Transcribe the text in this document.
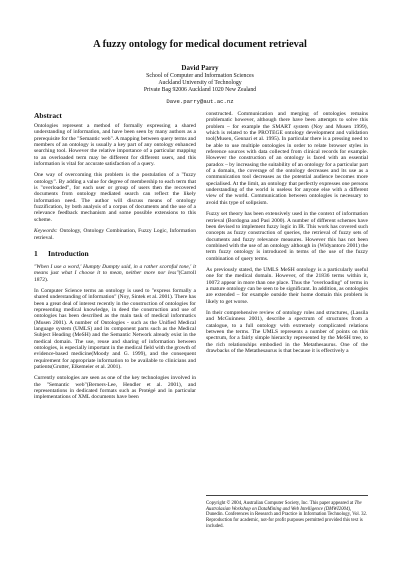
A fuzzy ontology for medical document retrieval
David Parry
School of Computer and Information Sciences
Auckland University of Technology
Private Bag 92006 Auckland 1020 New Zealand
Dave.parry@aut.ac.nz
Abstract

Ontologies represent a method of formally expressing a shared understanding of information, and have been seen by many authors as a prerequisite for the "Semantic web". A mapping between query terms and members of an ontology is usually a key part of any ontology enhanced searching tool. However the relative importance of a particular mapping to an overloaded term may be different for different users, and this information is vital for accurate satisfaction of a query.

One way of overcoming this problem is the postulation of a "fuzzy ontology". By adding a value for degree of membership to each term that is "overloaded", for each user or group of users then the recovered documents from ontology mediated search can reflect the likely information need. The author will discuss means of ontology fuzzification, by both analysis of a corpus of documents and the use of a relevance feedback mechanism and some possible extensions to this scheme.

Keywords: Ontology, Ontology Combination, Fuzzy Logic, Information retrieval.

1 Introduction

"When I use a word,' Humpty Dumpty said, in a rather scornful tone,' it means just what I choose it to mean, neither more nor less"(Carroll 1872).

In Computer Science terms an ontology is used to "express formally a shared understanding of information" (Noy, Sintek et al. 2001). There has been a great deal of interest recently in the construction of ontologies for representing medical knowledge, in deed the construction and use of ontologies has been described as the main task of medical informatics (Musen 2001). A number of Ontologies - such as the Unified Medical language system (UMLS) and its component parts such as the Medical Subject Heading (MeSH) and the Semantic Network already exist in the medical domain. The use, reuse and sharing of information between ontologies, is especially important in the medical field with the growth of evidence-based medicine(Moody and G. 1999), and the consequent requirement for appropriate information to be available to clinicians and patients(Grutter, Eikemeier et al. 2001).

Currently ontologies are seen as one of the key technologies involved in the "Semantic web"(Berners-Lee, Hendler et al. 2001), and representations in dedicated formats such as Protégé and in particular implementations of XML documents have been

constructed. Communication and merging of ontologies remains problematic however, although there have been attempts to solve this problem – for example the SMART system (Noy and Musen 1999), which is related to the PROTEGE ontology development and validation tool(Musen, Gennari et al. 1995). In particular there is a pressing need to be able to use multiple ontologies in order to relate browser styles in reference sources with data collected from clinical records for example. However the construction of an ontology is faced with an essential paradox – by increasing the suitability of an ontology for a particular part of a domain, the coverage of the ontology decreases and its use as a communication tool decreases as the potential audience becomes more specialised. At the limit, an ontology that perfectly expresses one persons understanding of the world is useless for anyone else with a different view of the world. Communication between ontologies is necessary to avoid this type of solipsism.

Fuzzy set theory has been extensively used in the context of information retrieval (Bordogna and Pasi 2000). A number of different schemes have been devised to implement fuzzy logic in IR. This work has covered such concepts as fuzzy construction of queries, the retrieval of fuzzy sets of documents and fuzzy relevance measures. However this has not been combined with the use of an ontology although in (Widyantoro 2001) the term fuzzy ontology is introduced in terms of the use of the fuzzy combination of query terms.

As previously stated, the UMLS MeSH ontology is a particularly useful one for the medical domain. However, of the 21836 terms within it, 10072 appear in more than one place. Thus the "overloading" of terms in a mature ontology can be seen to be significant. In addition, as ontologies are extended – for example outside their home domain this problem is likely to get worse.

In their comprehensive review of ontology roles and structures, (Lassila and McGuinness 2001), describe a spectrum of structures from a catalogue, to a full ontology with extremely complicated relations between the terms. The UMLS represents a number of points on this spectrum, for a fairly simple hierarchy represented by the MeSH tree, to the rich relationships embodied in the Metathesaurus. One of the drawbacks of the Metathesaurus is that because it is effectively a

Copyright © 2004, Australian Computer Society, Inc. This paper appeared at The Australasian Workshop on DataMining and Web Intelligence (DMWI2004), Dunedin. Conferences in Research and Practice in Information Technology, Vol. 32. Reproduction for academic, not-for profit purposes permitted provided this text is included.
